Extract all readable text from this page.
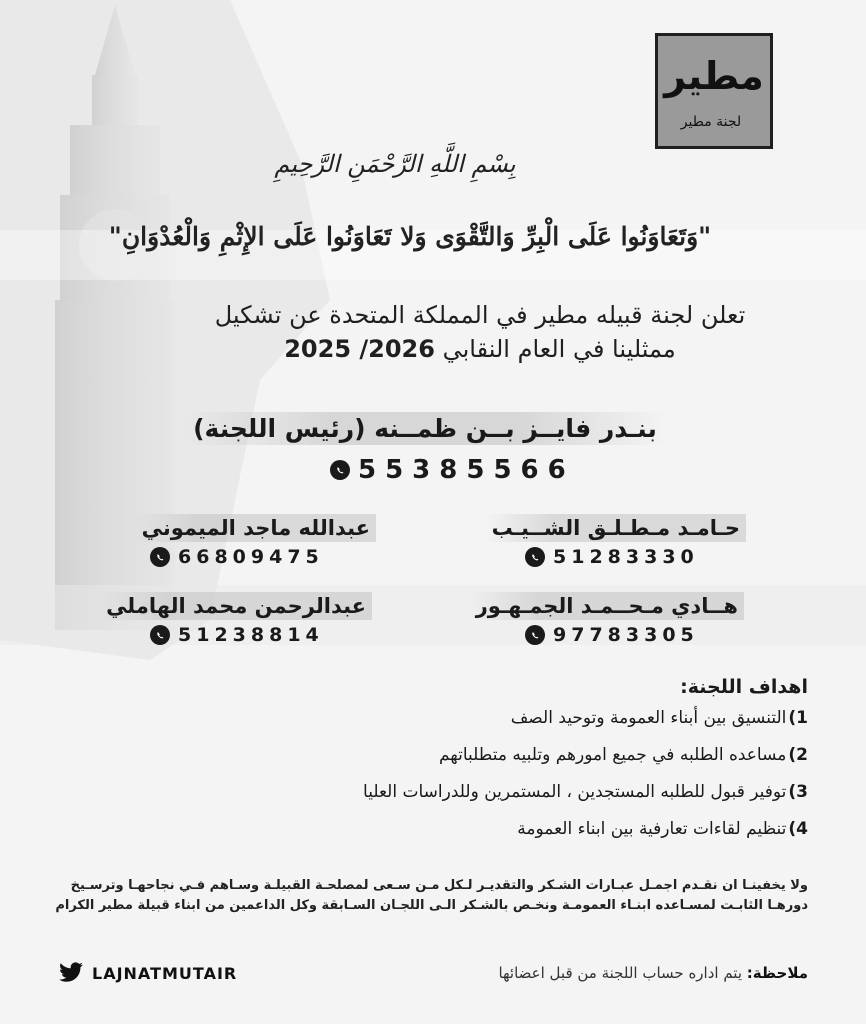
مطير
لجنة مطير
بِسْمِ اللَّهِ الرَّحْمَنِ الرَّحِيمِ
"وَتَعَاوَنُوا عَلَى الْبِرِّ وَالتَّقْوَى وَلا تَعَاوَنُوا عَلَى الإِثْمِ وَالْعُدْوَانِ"
تعلن لجنة قبيله مطير في المملكة المتحدة عن تشكيل
ممثلينا في العام النقابي 2026/ 2025
بنـدر فايــز بــن ظمــنه (رئيس اللجنة)
55385566
حـامـد مـطـلـق الشــيـب
51283330
عبدالله ماجد الميموني
66809475
هــادي مـحــمـد الجمـهـور
97783305
عبدالرحمن محمد الهاملي
51238814
اهداف اللجنة:
1)
التنسيق بين أبناء العمومة وتوحيد الصف
2)
مساعده الطلبه في جميع امورهم وتلبيه متطلباتهم
3)
توفير قبول للطلبه المستجدين ، المستمرين وللدراسات العليا
4)
تنظيم لقاءات تعارفية بين ابناء العمومة
ولا يخفينـا ان نقـدم اجمـل عبـارات الشـكر والتقديـر لـكل مـن سـعى لمصلحـة القبيلـة وسـاهم فـي نجاحهـا وترسـيخ دورهـا الثابـت لمسـاعده ابنـاء العمومـة ونخـص بالشـكر الـى اللجـان السـابقة وكل الداعمين من ابناء قبيلة مطير الكرام
ملاحظة: يتم اداره حساب اللجنة من قبل اعضائها
LAJNATMUTAIR
